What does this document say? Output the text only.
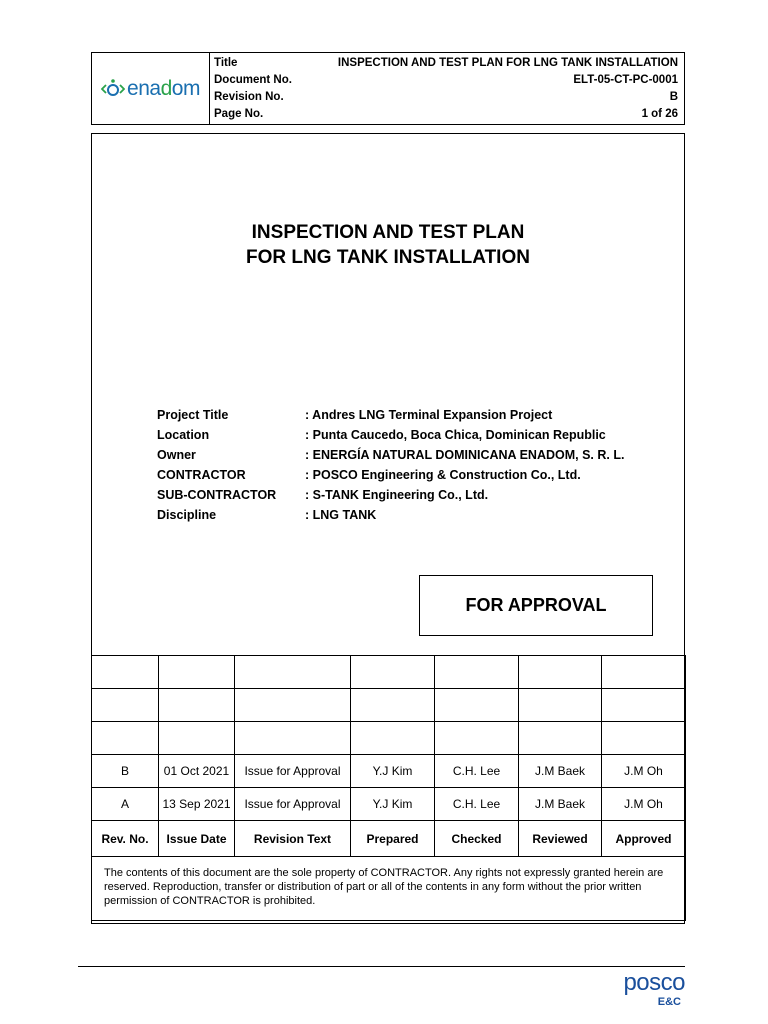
enadom
Title	INSPECTION AND TEST PLAN FOR LNG TANK INSTALLATION
Document No.	ELT-05-CT-PC-0001
Revision No.	B
Page No.	1 of 26
INSPECTION AND TEST PLAN
FOR LNG TANK INSTALLATION
Project Title	: Andres LNG Terminal Expansion Project
Location	: Punta Caucedo, Boca Chica, Dominican Republic
Owner	: ENERGÍA NATURAL DOMINICANA ENADOM, S. R. L.
CONTRACTOR	: POSCO Engineering & Construction Co., Ltd.
SUB-CONTRACTOR	: S-TANK Engineering Co., Ltd.
Discipline	: LNG TANK
FOR APPROVAL

B	01 Oct 2021	Issue for Approval	Y.J Kim	C.H. Lee	J.M Baek	J.M Oh
A	13 Sep 2021	Issue for Approval	Y.J Kim	C.H. Lee	J.M Baek	J.M Oh
Rev. No.	Issue Date	Revision Text	Prepared	Checked	Reviewed	Approved
The contents of this document are the sole property of CONTRACTOR. Any rights not expressly granted herein are reserved. Reproduction, transfer or distribution of part or all of the contents in any form without the prior written permission of CONTRACTOR is prohibited.						
posco
E&C
